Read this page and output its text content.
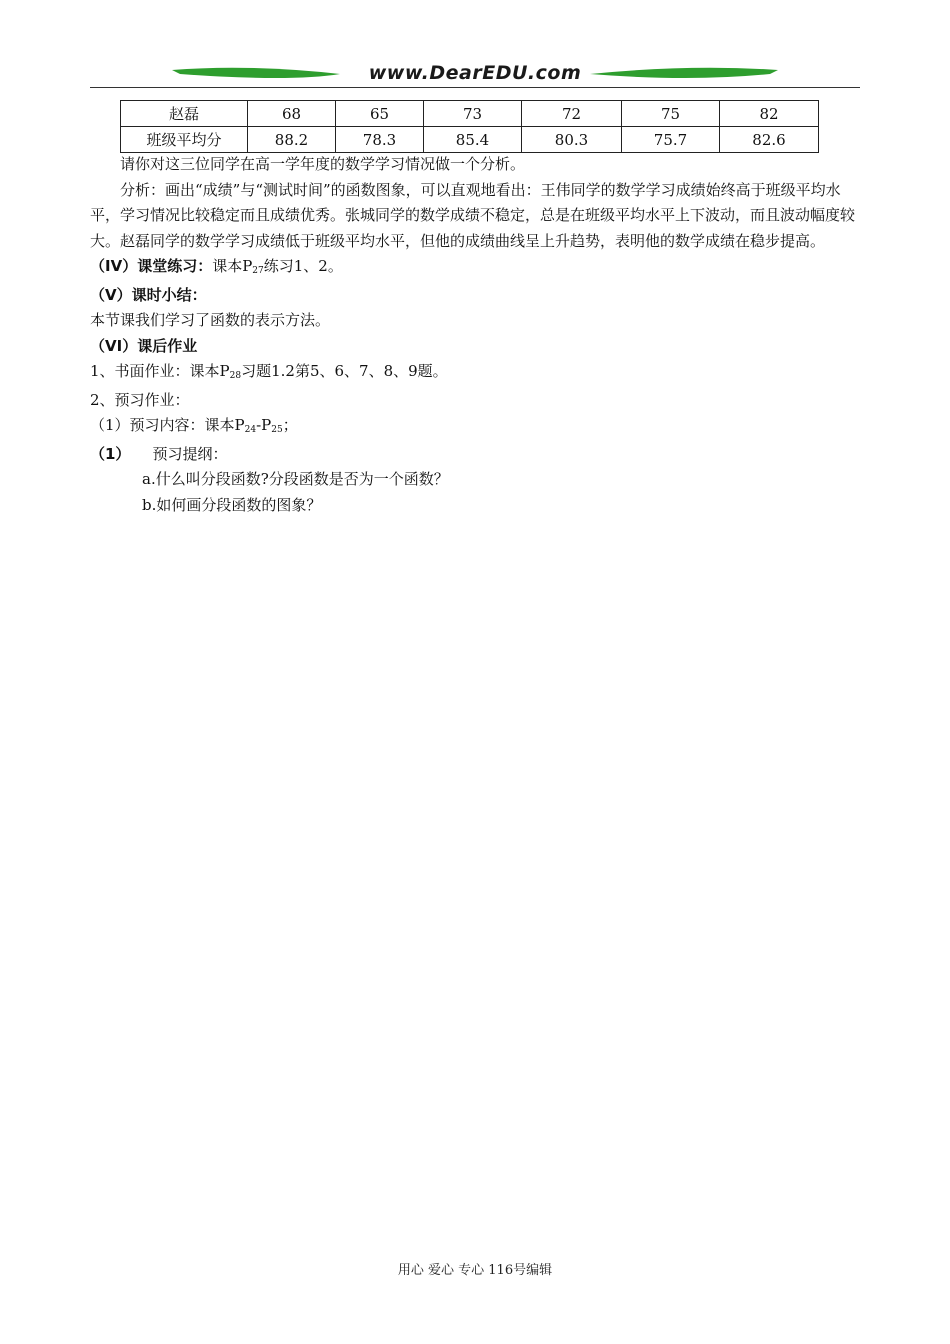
www.DearEDU.com
赵磊	68	65	73	72	75	82
班级平均分	88.2	78.3	85.4	80.3	75.7	82.6

请你对这三位同学在高一学年度的数学学习情况做一个分析。

分析：画出“成绩”与“测试时间”的函数图象，可以直观地看出：王伟同学的数学学习成绩始终高于班级平均水平，学习情况比较稳定而且成绩优秀。张城同学的数学成绩不稳定，总是在班级平均水平上下波动，而且波动幅度较大。赵磊同学的数学学习成绩低于班级平均水平，但他的成绩曲线呈上升趋势，表明他的数学成绩在稳步提高。

（IV）课堂练习：课本P27练习1、2。

（V）课时小结：

本节课我们学习了函数的表示方法。

（VI）课后作业

1、书面作业：课本P28习题1.2第5、6、7、8、9题。

2、预习作业：

（1）预习内容：课本P24-P25；

（1） 预习提纲：

a.什么叫分段函数?分段函数是否为一个函数？

b.如何画分段函数的图象？

用心 爱心 专心 116号编辑
